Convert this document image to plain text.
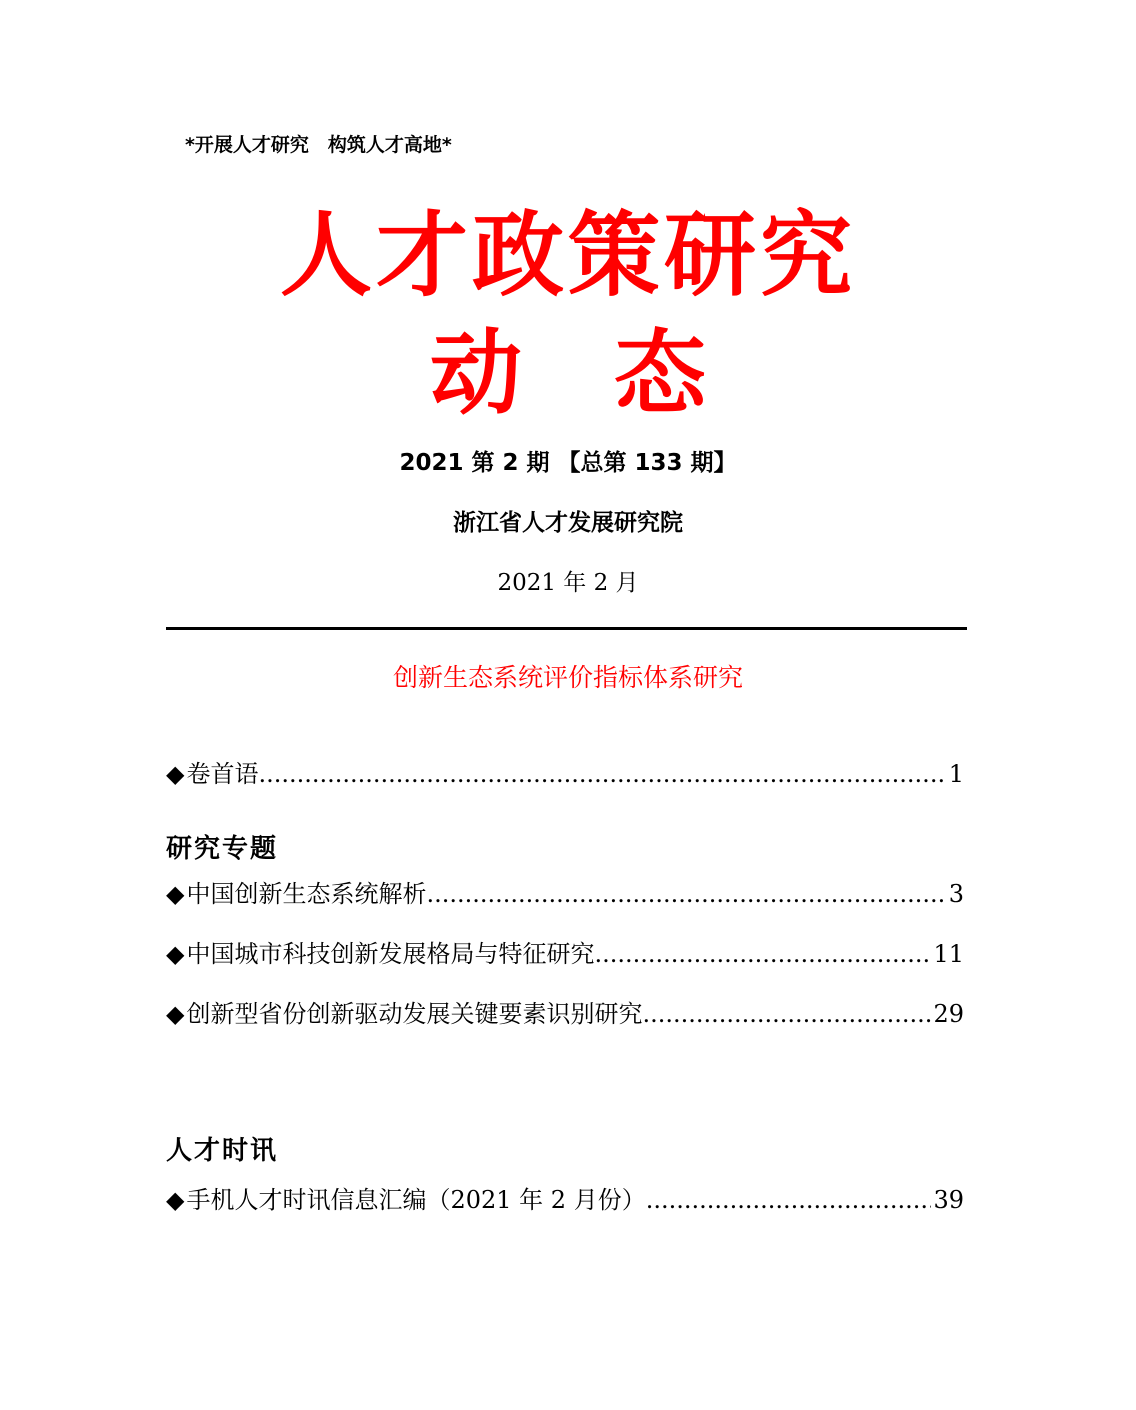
*开展人才研究　构筑人才高地*
人才政策研究
动　态
2021 第 2 期 【总第 133 期】
浙江省人才发展研究院
2021 年 2 月
创新生态系统评价指标体系研究
◆ 卷首语 .....	1
研究专题
◆ 中国创新生态系统解析 .....	3
◆ 中国城市科技创新发展格局与特征研究 .....	11
◆ 创新型省份创新驱动发展关键要素识别研究 .....	29
人才时讯
◆ 手机人才时讯信息汇编（2021 年 2 月份） .....	39
